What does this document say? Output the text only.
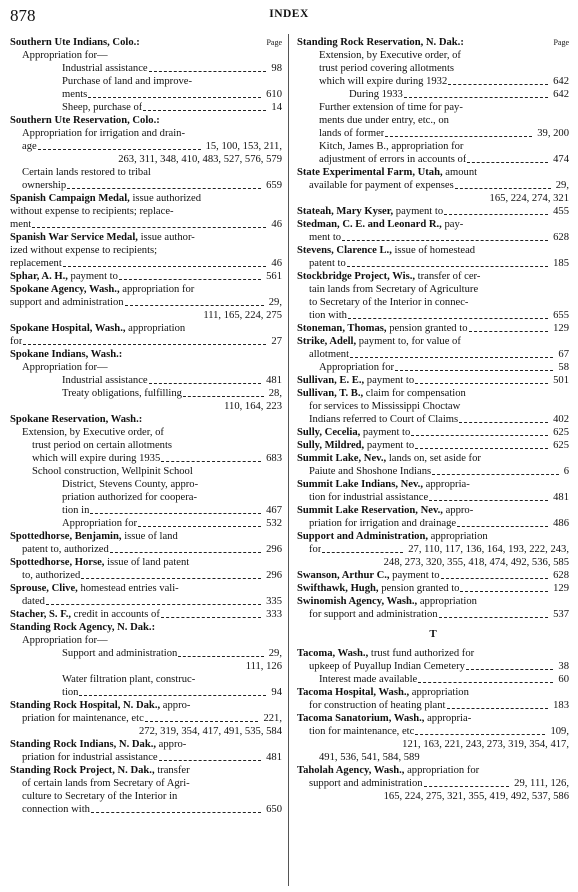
878	INDEX
Southern Ute Indians, Colo.:	Page
Appropriation for—
Industrial assistance	98
Purchase of land and improve-
ments	610
Sheep, purchase of	14
Southern Ute Reservation, Colo.:
Appropriation for irrigation and drain-
age	15, 100, 153, 211,
263, 311, 348, 410, 483, 527, 576, 579
Certain lands restored to tribal
ownership	659
Spanish Campaign Medal, issue authorized
without expense to recipients; replace-
ment	46
Spanish War Service Medal, issue author-
ized without expense to recipients;
replacement	46
Sphar, A. H., payment to	561
Spokane Agency, Wash., appropriation for
support and administration	29,
111, 165, 224, 275
Spokane Hospital, Wash., appropriation
for	27
Spokane Indians, Wash.:
Appropriation for—
Industrial assistance	481
Treaty obligations, fulfilling	28,
110, 164, 223
Spokane Reservation, Wash.:
Extension, by Executive order, of
trust period on certain allotments
which will expire during 1935	683
School construction, Wellpinit School
District, Stevens County, appro-
priation authorized for coopera-
tion in	467
Appropriation for	532
Spottedhorse, Benjamin, issue of land
patent to, authorized	296
Spottedhorse, Horse, issue of land patent
to, authorized	296
Sprouse, Clive, homestead entries vali-
dated	335
Stacher, S. F., credit in accounts of	333
Standing Rock Agency, N. Dak.:
Appropriation for—
Support and administration	29,
111, 126
Water filtration plant, construc-
tion	94
Standing Rock Hospital, N. Dak., appro-
priation for maintenance, etc	221,
272, 319, 354, 417, 491, 535, 584
Standing Rock Indians, N. Dak., appro-
priation for industrial assistance	481
Standing Rock Project, N. Dak., transfer
of certain lands from Secretary of Agri-
culture to Secretary of the Interior in
connection with	650
Standing Rock Reservation, N. Dak.:	Page
Extension, by Executive order, of
trust period covering allotments
which will expire during 1932	642
During 1933	642
Further extension of time for pay-
ments due under entry, etc., on
lands of former	39, 200
Kitch, James B., appropriation for
adjustment of errors in accounts of	474
State Experimental Farm, Utah, amount
available for payment of expenses	29,
165, 224, 274, 321
Stateah, Mary Kyser, payment to	455
Stedman, C. E. and Leonard R., pay-
ment to	628
Stevens, Clarence L., issue of homestead
patent to	185
Stockbridge Project, Wis., transfer of cer-
tain lands from Secretary of Agriculture
to Secretary of the Interior in connec-
tion with	655
Stoneman, Thomas, pension granted to	129
Strike, Adell, payment to, for value of
allotment	67
Appropriation for	58
Sullivan, E. E., payment to	501
Sullivan, T. B., claim for compensation
for services to Mississippi Choctaw
Indians referred to Court of Claims	402
Sully, Cecelia, payment to	625
Sully, Mildred, payment to	625
Summit Lake, Nev., lands on, set aside for
Paiute and Shoshone Indians	6
Summit Lake Indians, Nev., appropria-
tion for industrial assistance	481
Summit Lake Reservation, Nev., appro-
priation for irrigation and drainage	486
Support and Administration, appropriation
for	27, 110, 117, 136, 164, 193, 222, 243,
248, 273, 320, 355, 418, 474, 492, 536, 585
Swanson, Arthur C., payment to	628
Swifthawk, Hugh, pension granted to	129
Swinomish Agency, Wash., appropriation
for support and administration	537
T
Tacoma, Wash., trust fund authorized for
upkeep of Puyallup Indian Cemetery	38
Interest made available	60
Tacoma Hospital, Wash., appropriation
for construction of heating plant	183
Tacoma Sanatorium, Wash., appropria-
tion for maintenance, etc	109,
121, 163, 221, 243, 273, 319, 354, 417,
491, 536, 541, 584, 589
Taholah Agency, Wash., appropriation for
support and administration	29, 111, 126,
165, 224, 275, 321, 355, 419, 492, 537, 586
